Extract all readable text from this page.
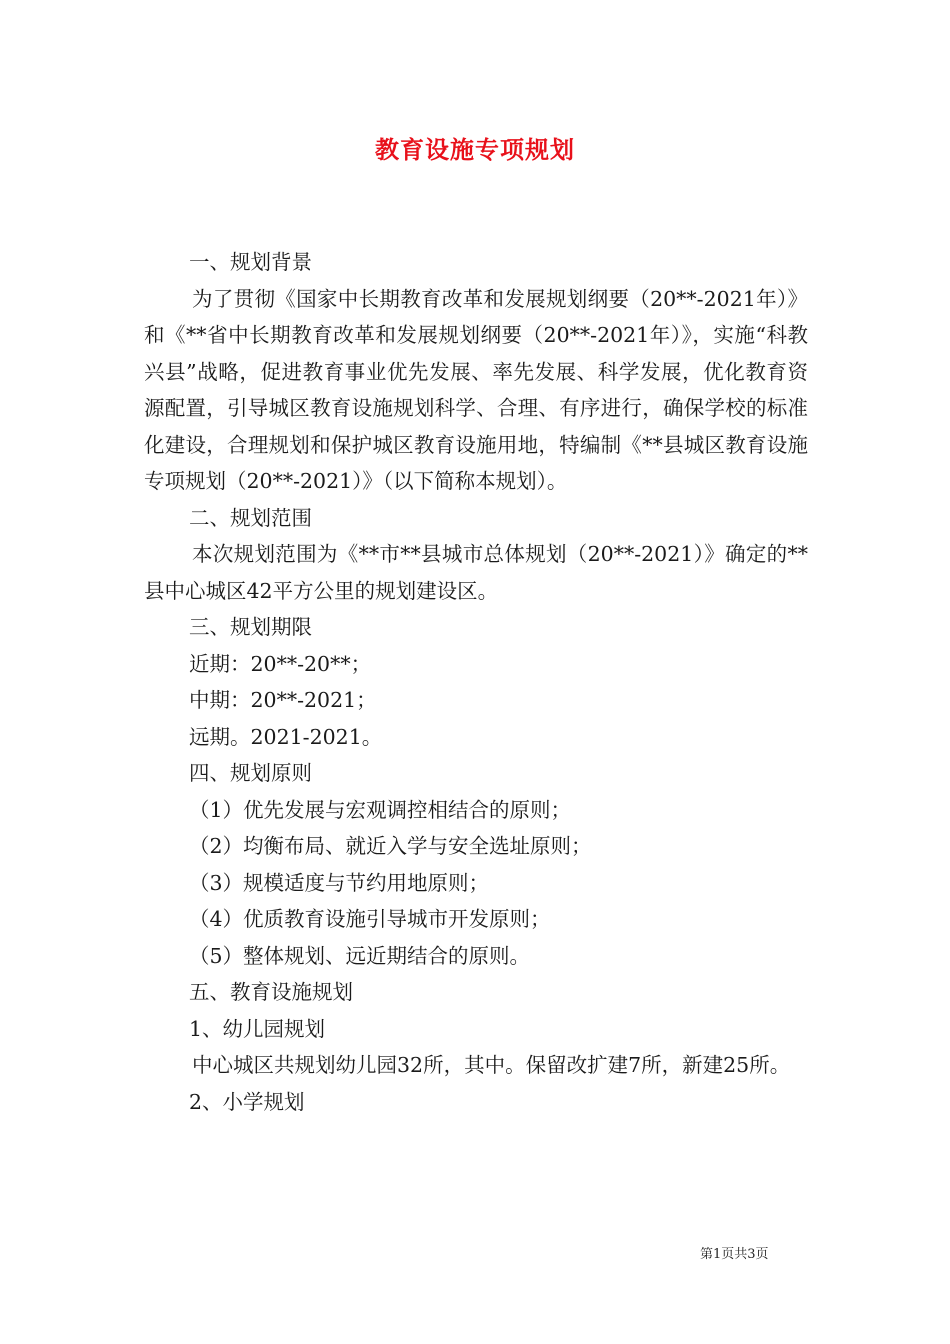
教育设施专项规划

一、规划背景

为了贯彻《国家中长期教育改革和发展规划纲要（20**-2021年）》和《**省中长期教育改革和发展规划纲要（20**-2021年）》，实施“科教兴县”战略，促进教育事业优先发展、率先发展、科学发展，优化教育资源配置，引导城区教育设施规划科学、合理、有序进行，确保学校的标准化建设，合理规划和保护城区教育设施用地，特编制《**县城区教育设施专项规划（20**-2021）》（以下简称本规划）。

二、规划范围

本次规划范围为《**市**县城市总体规划（20**-2021）》确定的**县中心城区42平方公里的规划建设区。

三、规划期限

近期：20**-20**；

中期：20**-2021；

远期。2021-2021。

四、规划原则

（1）优先发展与宏观调控相结合的原则；

（2）均衡布局、就近入学与安全选址原则；

（3）规模适度与节约用地原则；

（4）优质教育设施引导城市开发原则；

（5）整体规划、远近期结合的原则。

五、教育设施规划

1、幼儿园规划

中心城区共规划幼儿园32所，其中。保留改扩建7所，新建25所。

2、小学规划

第1页共3页
